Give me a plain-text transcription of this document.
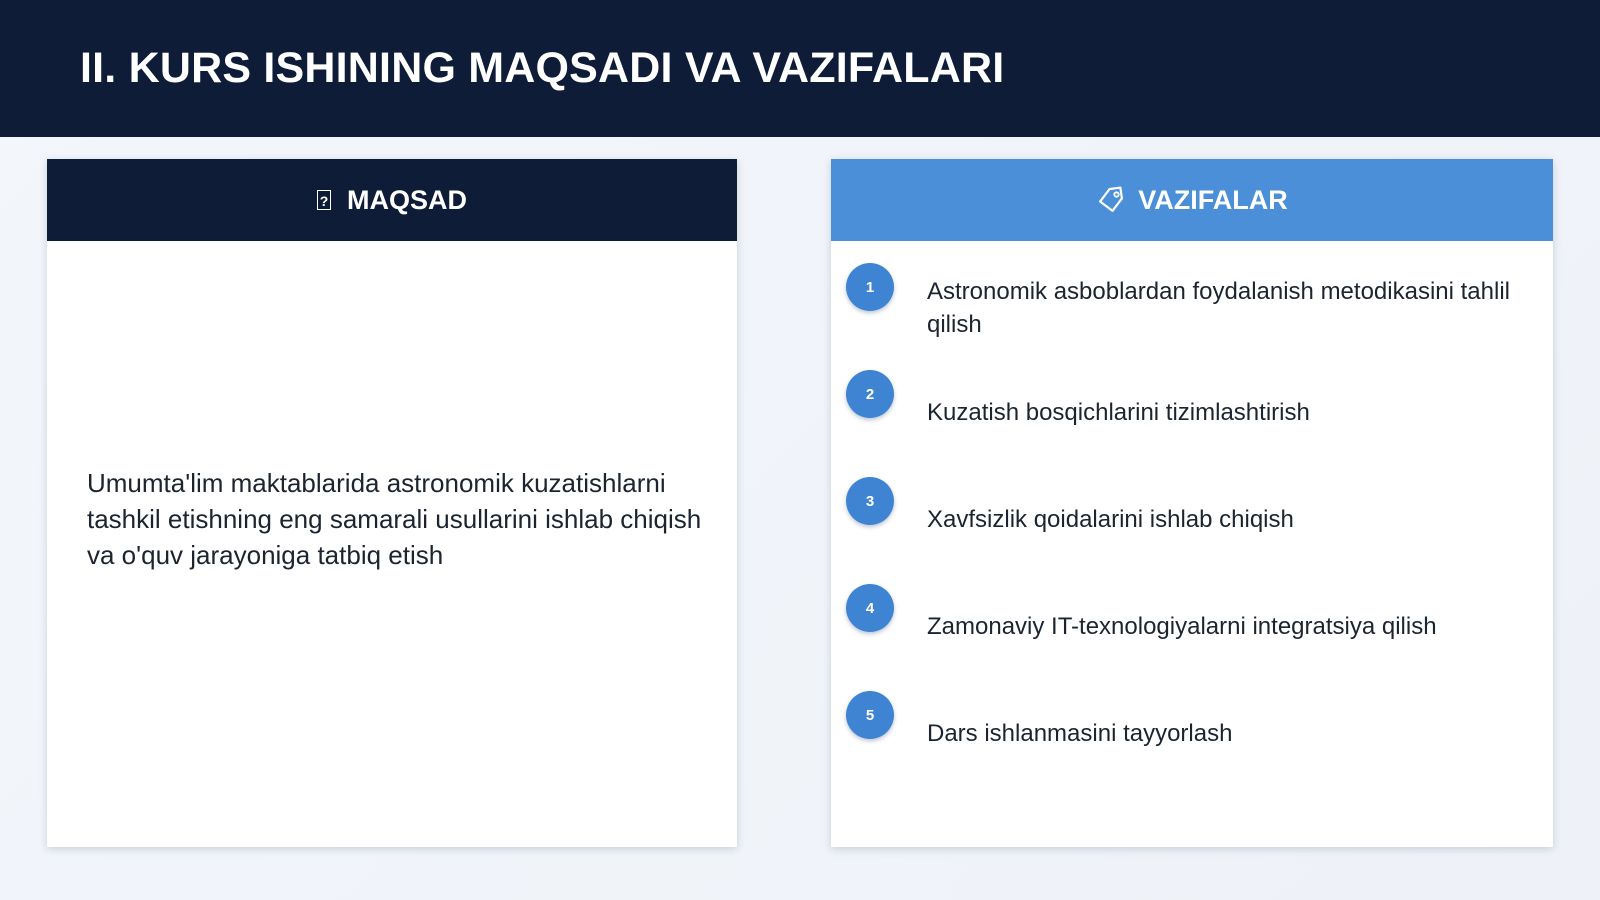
II. KURS ISHINING MAQSADI VA VAZIFALARI
? MAQSAD
Umumta'lim maktablarida astronomik kuzatishlarni tashkil etishning eng samarali usullarini ishlab chiqish va o'quv jarayoniga tatbiq etish
VAZIFALAR
1	Astronomik asboblardan foydalanish metodikasini tahlil qilish
2
Kuzatish bosqichlarini tizimlashtirish
3
Xavfsizlik qoidalarini ishlab chiqish
4
Zamonaviy IT-texnologiyalarni integratsiya qilish
5
Dars ishlanmasini tayyorlash
